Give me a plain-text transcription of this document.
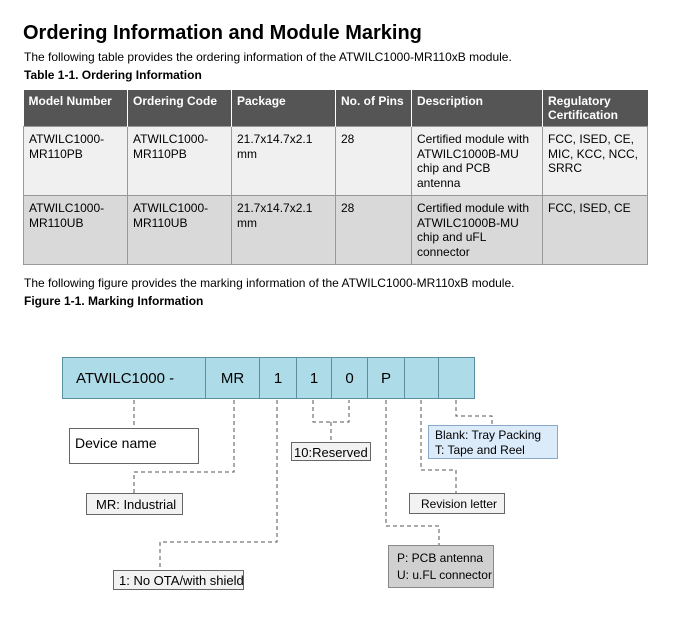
Ordering Information and Module Marking
The following table provides the ordering information of the ATWILC1000-MR110xB module.
Table 1-1. Ordering Information
Model Number	Ordering Code	Package	No. of Pins	Description	Regulatory Certification
ATWILC1000-MR110PB	ATWILC1000-MR110PB	21.7x14.7x2.1 mm	28	Certified module with ATWILC1000B-MU chip and PCB antenna	FCC, ISED, CE, MIC, KCC, NCC, SRRC
ATWILC1000-MR110UB	ATWILC1000-MR110UB	21.7x14.7x2.1 mm	28	Certified module with ATWILC1000B-MU chip and uFL connector	FCC, ISED, CE
The following figure provides the marking information of the ATWILC1000-MR110xB module.
Figure 1-1. Marking Information
ATWILC1000 -	MR	1	1	0	P
Device name
MR: Industrial
1: No OTA/with shield
10:Reserved
Blank: Tray Packing
T: Tape and Reel
Revision letter
P: PCB antenna
U: u.FL connector
